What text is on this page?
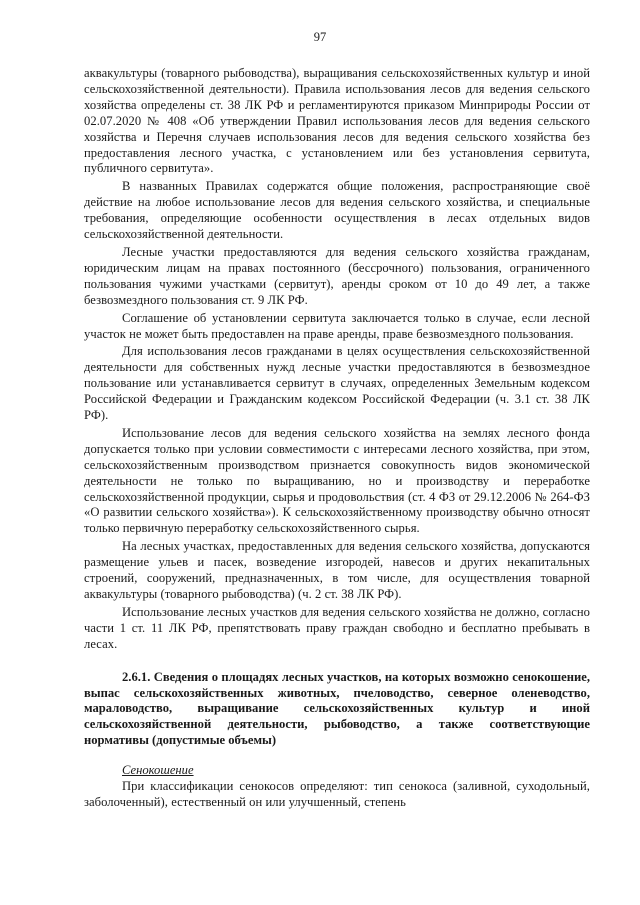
97

аквакультуры (товарного рыбоводства), выращивания сельскохозяйственных культур и иной сельскохозяйственной деятельности). Правила использования лесов для ведения сельского хозяйства определены ст. 38 ЛК РФ и регламентируются приказом Минприроды России от 02.07.2020 № 408 «Об утверждении Правил использования лесов для ведения сельского хозяйства и Перечня случаев использования лесов для ведения сельского хозяйства без предоставления лесного участка, с установлением или без установления сервитута, публичного сервитута».

В названных Правилах содержатся общие положения, распространяющие своё действие на любое использование лесов для ведения сельского хозяйства, и специальные требования, определяющие особенности осуществления в лесах отдельных видов сельскохозяйственной деятельности.

Лесные участки предоставляются для ведения сельского хозяйства гражданам, юридическим лицам на правах постоянного (бессрочного) пользования, ограниченного пользования чужими участками (сервитут), аренды сроком от 10 до 49 лет, а также безвозмездного пользования ст. 9 ЛК РФ.

Соглашение об установлении сервитута заключается только в случае, если лесной участок не может быть предоставлен на праве аренды, праве безвозмездного пользования.

Для использования лесов гражданами в целях осуществления сельскохозяйственной деятельности для собственных нужд лесные участки предоставляются в безвозмездное пользование или устанавливается сервитут в случаях, определенных Земельным кодексом Российской Федерации и Гражданским кодексом Российской Федерации (ч. 3.1 ст. 38 ЛК РФ).

Использование лесов для ведения сельского хозяйства на землях лесного фонда допускается только при условии совместимости с интересами лесного хозяйства, при этом, сельскохозяйственным производством признается совокупность видов экономической деятельности не только по выращиванию, но и производству и переработке сельскохозяйственной продукции, сырья и продовольствия (ст. 4 ФЗ от 29.12.2006 № 264-ФЗ «О развитии сельского хозяйства»). К сельскохозяйственному производству обычно относят только первичную переработку сельскохозяйственного сырья.

На лесных участках, предоставленных для ведения сельского хозяйства, допускаются размещение ульев и пасек, возведение изгородей, навесов и других некапитальных строений, сооружений, предназначенных, в том числе, для осуществления товарной аквакультуры (товарного рыбоводства) (ч. 2 ст. 38 ЛК РФ).

Использование лесных участков для ведения сельского хозяйства не должно, согласно части 1 ст. 11 ЛК РФ, препятствовать праву граждан свободно и бесплатно пребывать в лесах.

2.6.1. Сведения о площадях лесных участков, на которых возможно сенокошение, выпас сельскохозяйственных животных, пчеловодство, северное оленеводство, мараловодство, выращивание сельскохозяйственных культур и иной сельскохозяйственной деятельности, рыбоводство, а также соответствующие нормативы (допустимые объемы)

Сенокошение

При классификации сенокосов определяют: тип сенокоса (заливной, суходольный, заболоченный), естественный он или улучшенный, степень
